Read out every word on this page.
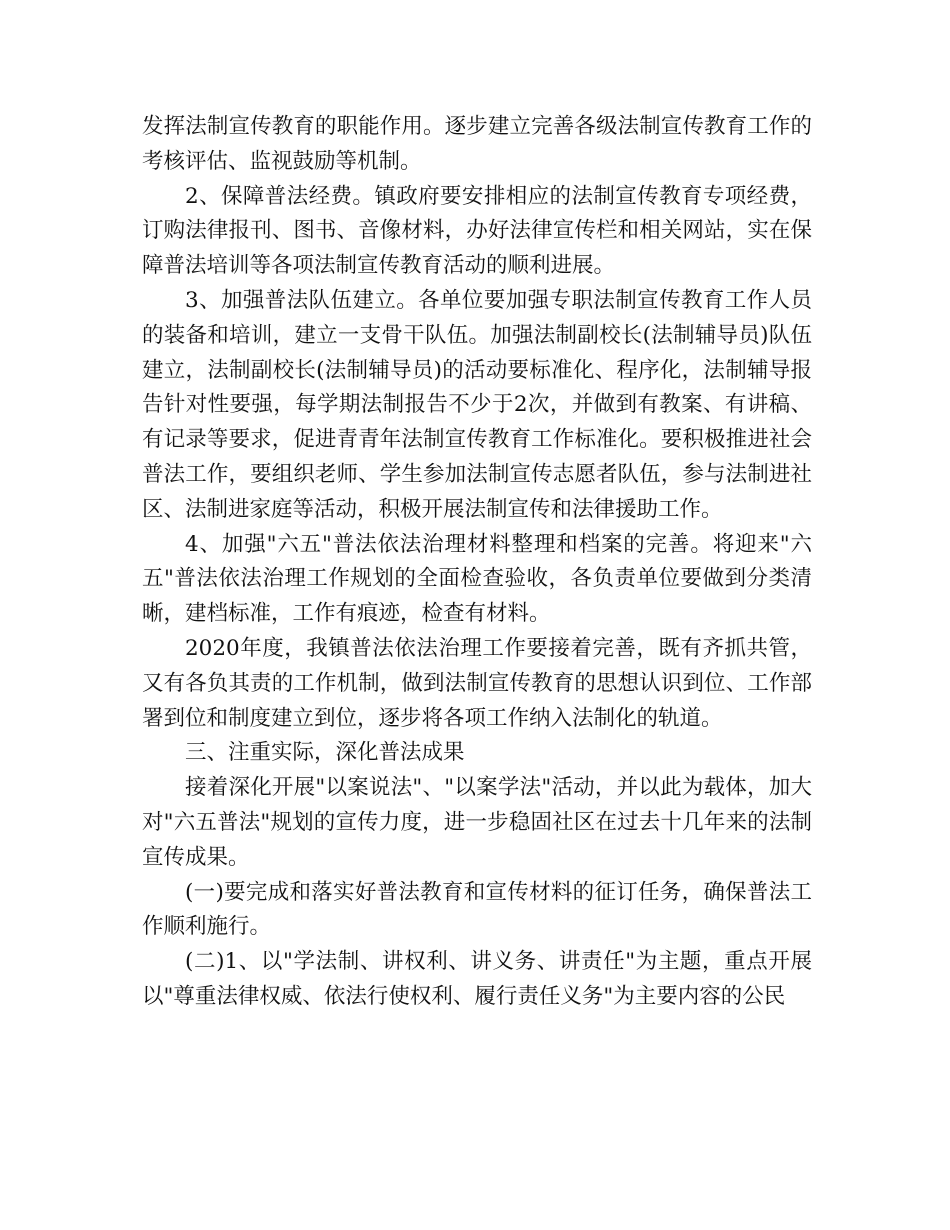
发挥法制宣传教育的职能作用。逐步建立完善各级法制宣传教育工作的考核评估、监视鼓励等机制。

2、保障普法经费。镇政府要安排相应的法制宣传教育专项经费，订购法律报刊、图书、音像材料，办好法律宣传栏和相关网站，实在保障普法培训等各项法制宣传教育活动的顺利进展。

3、加强普法队伍建立。各单位要加强专职法制宣传教育工作人员的装备和培训，建立一支骨干队伍。加强法制副校长(法制辅导员)队伍建立，法制副校长(法制辅导员)的活动要标准化、程序化，法制辅导报告针对性要强，每学期法制报告不少于2次，并做到有教案、有讲稿、有记录等要求，促进青青年法制宣传教育工作标准化。要积极推进社会普法工作，要组织老师、学生参加法制宣传志愿者队伍，参与法制进社区、法制进家庭等活动，积极开展法制宣传和法律援助工作。

4、加强"六五"普法依法治理材料整理和档案的完善。将迎来"六五"普法依法治理工作规划的全面检查验收，各负责单位要做到分类清晰，建档标准，工作有痕迹，检查有材料。

2020年度，我镇普法依法治理工作要接着完善，既有齐抓共管，又有各负其责的工作机制，做到法制宣传教育的思想认识到位、工作部署到位和制度建立到位，逐步将各项工作纳入法制化的轨道。

三、注重实际，深化普法成果

接着深化开展"以案说法"、"以案学法"活动，并以此为载体，加大对"六五普法"规划的宣传力度，进一步稳固社区在过去十几年来的法制宣传成果。

(一)要完成和落实好普法教育和宣传材料的征订任务，确保普法工作顺利施行。

(二)1、以"学法制、讲权利、讲义务、讲责任"为主题，重点开展以"尊重法律权威、依法行使权利、履行责任义务"为主要内容的公民
